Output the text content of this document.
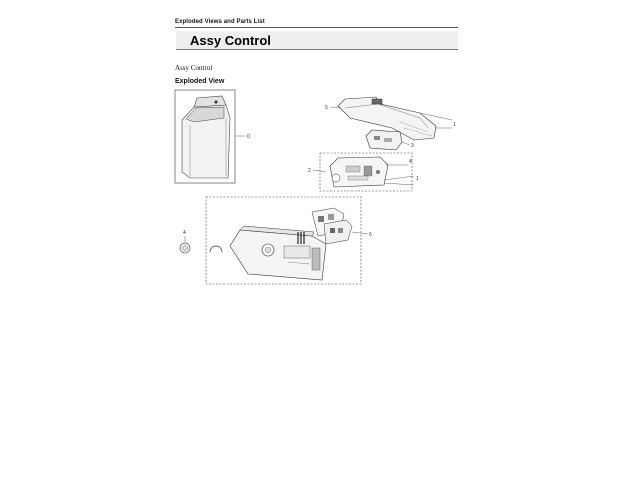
Exploded Views and Parts List
Assy Control
Assy Control
Exploded View
0
5
3
1
2
4
1
6
4
